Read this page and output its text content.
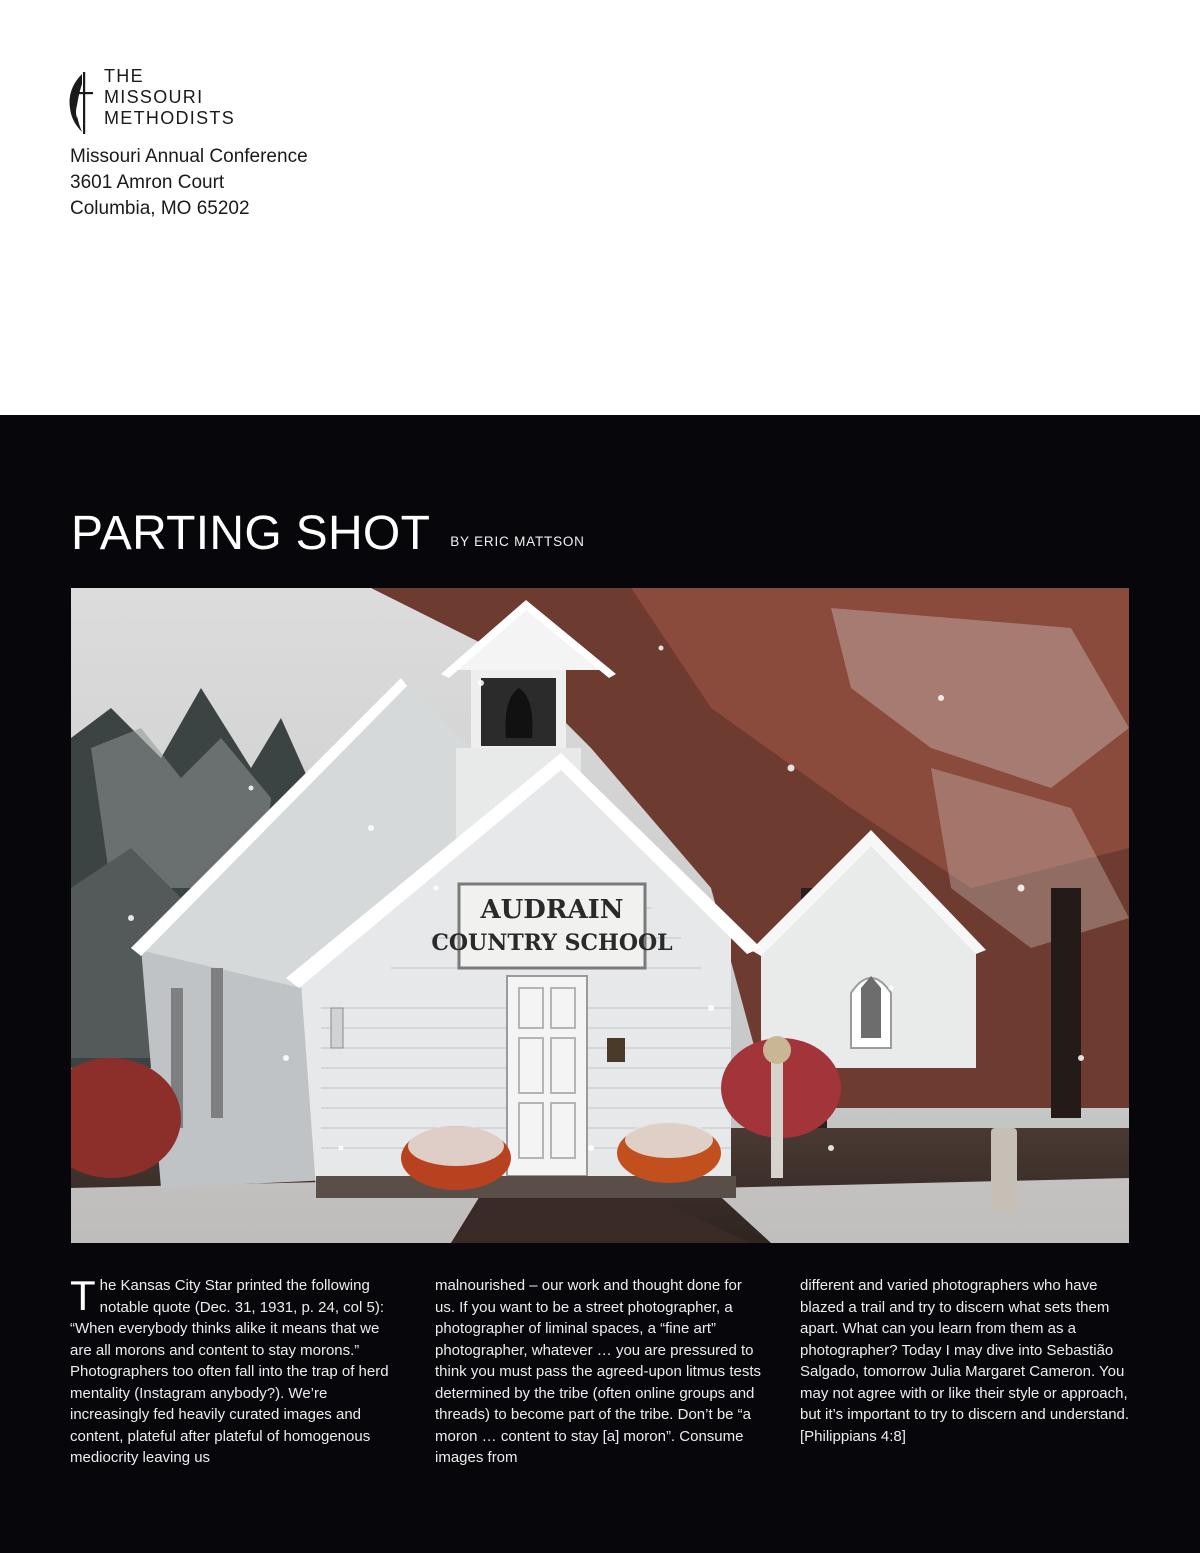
THE
MISSOURI
METHODISTS
Missouri Annual Conference
3601 Amron Court
Columbia, MO 65202
PARTING SHOT BY ERIC MATTSON
AUDRAIN
COUNTRY SCHOOL

The Kansas City Star printed the following notable quote (Dec. 31, 1931, p. 24, col 5): “When everybody thinks alike it means that we are all morons and content to stay morons.” Photographers too often fall into the trap of herd mentality (Instagram anybody?). We’re increasingly fed heavily curated images and content, plateful after plateful of homogenous mediocrity leaving us

malnourished – our work and thought done for us. If you want to be a street photographer, a photographer of liminal spaces, a “fine art” photographer, whatever … you are pressured to think you must pass the agreed-upon litmus tests determined by the tribe (often online groups and threads) to become part of the tribe. Don’t be “a moron … content to stay [a] moron”. Consume images from

different and varied photographers who have blazed a trail and try to discern what sets them apart. What can you learn from them as a photographer? Today I may dive into Sebastião Salgado, tomorrow Julia Margaret Cameron. You may not agree with or like their style or approach, but it’s important to try to discern and understand. [Philippians 4:8]
